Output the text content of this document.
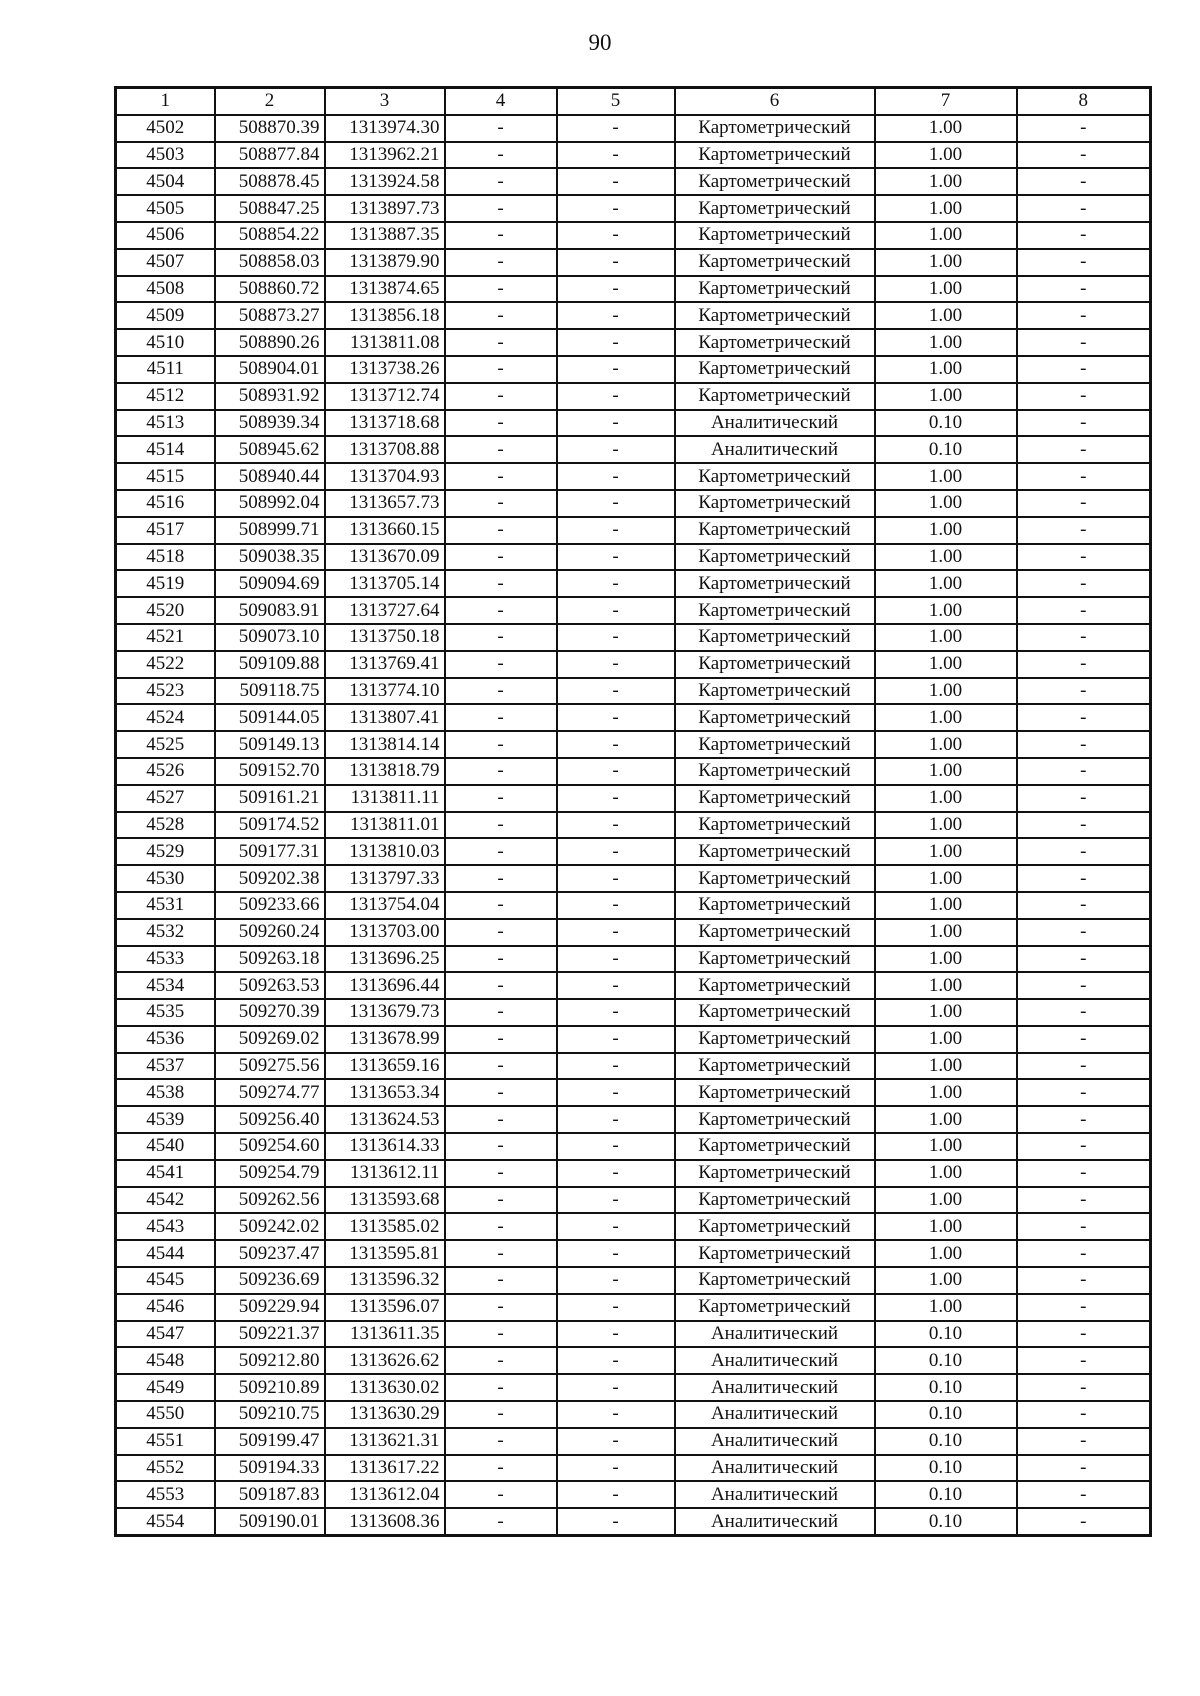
90
1	2	3	4	5	6	7	8
4502	508870.39	1313974.30	-	-	Картометрический	1.00	-
4503	508877.84	1313962.21	-	-	Картометрический	1.00	-
4504	508878.45	1313924.58	-	-	Картометрический	1.00	-
4505	508847.25	1313897.73	-	-	Картометрический	1.00	-
4506	508854.22	1313887.35	-	-	Картометрический	1.00	-
4507	508858.03	1313879.90	-	-	Картометрический	1.00	-
4508	508860.72	1313874.65	-	-	Картометрический	1.00	-
4509	508873.27	1313856.18	-	-	Картометрический	1.00	-
4510	508890.26	1313811.08	-	-	Картометрический	1.00	-
4511	508904.01	1313738.26	-	-	Картометрический	1.00	-
4512	508931.92	1313712.74	-	-	Картометрический	1.00	-
4513	508939.34	1313718.68	-	-	Аналитический	0.10	-
4514	508945.62	1313708.88	-	-	Аналитический	0.10	-
4515	508940.44	1313704.93	-	-	Картометрический	1.00	-
4516	508992.04	1313657.73	-	-	Картометрический	1.00	-
4517	508999.71	1313660.15	-	-	Картометрический	1.00	-
4518	509038.35	1313670.09	-	-	Картометрический	1.00	-
4519	509094.69	1313705.14	-	-	Картометрический	1.00	-
4520	509083.91	1313727.64	-	-	Картометрический	1.00	-
4521	509073.10	1313750.18	-	-	Картометрический	1.00	-
4522	509109.88	1313769.41	-	-	Картометрический	1.00	-
4523	509118.75	1313774.10	-	-	Картометрический	1.00	-
4524	509144.05	1313807.41	-	-	Картометрический	1.00	-
4525	509149.13	1313814.14	-	-	Картометрический	1.00	-
4526	509152.70	1313818.79	-	-	Картометрический	1.00	-
4527	509161.21	1313811.11	-	-	Картометрический	1.00	-
4528	509174.52	1313811.01	-	-	Картометрический	1.00	-
4529	509177.31	1313810.03	-	-	Картометрический	1.00	-
4530	509202.38	1313797.33	-	-	Картометрический	1.00	-
4531	509233.66	1313754.04	-	-	Картометрический	1.00	-
4532	509260.24	1313703.00	-	-	Картометрический	1.00	-
4533	509263.18	1313696.25	-	-	Картометрический	1.00	-
4534	509263.53	1313696.44	-	-	Картометрический	1.00	-
4535	509270.39	1313679.73	-	-	Картометрический	1.00	-
4536	509269.02	1313678.99	-	-	Картометрический	1.00	-
4537	509275.56	1313659.16	-	-	Картометрический	1.00	-
4538	509274.77	1313653.34	-	-	Картометрический	1.00	-
4539	509256.40	1313624.53	-	-	Картометрический	1.00	-
4540	509254.60	1313614.33	-	-	Картометрический	1.00	-
4541	509254.79	1313612.11	-	-	Картометрический	1.00	-
4542	509262.56	1313593.68	-	-	Картометрический	1.00	-
4543	509242.02	1313585.02	-	-	Картометрический	1.00	-
4544	509237.47	1313595.81	-	-	Картометрический	1.00	-
4545	509236.69	1313596.32	-	-	Картометрический	1.00	-
4546	509229.94	1313596.07	-	-	Картометрический	1.00	-
4547	509221.37	1313611.35	-	-	Аналитический	0.10	-
4548	509212.80	1313626.62	-	-	Аналитический	0.10	-
4549	509210.89	1313630.02	-	-	Аналитический	0.10	-
4550	509210.75	1313630.29	-	-	Аналитический	0.10	-
4551	509199.47	1313621.31	-	-	Аналитический	0.10	-
4552	509194.33	1313617.22	-	-	Аналитический	0.10	-
4553	509187.83	1313612.04	-	-	Аналитический	0.10	-
4554	509190.01	1313608.36	-	-	Аналитический	0.10	-
